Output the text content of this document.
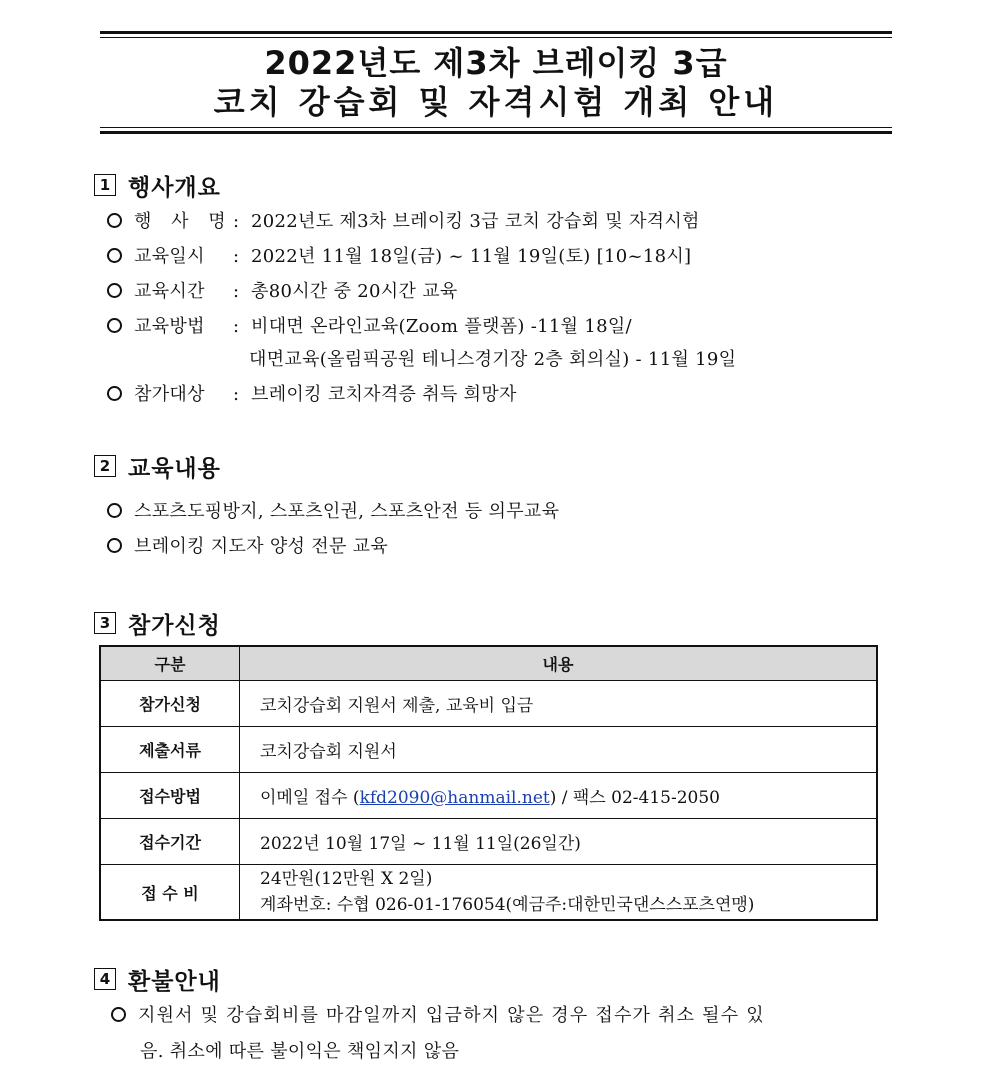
2022년도 제3차 브레이킹 3급
코치 강습회 및 자격시험 개최 안내
1 행사개요
행 사 명 : 2022년도 제3차 브레이킹 3급 코치 강습회 및 자격시험
교육일시 : 2022년 11월 18일(금) ~ 11월 19일(토) [10~18시]
교육시간 : 총80시간 중 20시간 교육
교육방법 : 비대면 온라인교육(Zoom 플랫폼) -11월 18일/
대면교육(올림픽공원 테니스경기장 2층 회의실) - 11월 19일
참가대상 : 브레이킹 코치자격증 취득 희망자
2 교육내용
스포츠도핑방지, 스포츠인권, 스포츠안전 등 의무교육
브레이킹 지도자 양성 전문 교육
3 참가신청
구분	내용
참가신청	코치강습회 지원서 제출, 교육비 입금
제출서류	코치강습회 지원서
접수방법	이메일 접수 (kfd2090@hanmail.net) / 팩스 02-415-2050
접수기간	2022년 10월 17일 ~ 11월 11일(26일간)
접 수 비	24만원(12만원 X 2일)
계좌번호: 수협 026-01-176054(예금주:대한민국댄스스포츠연맹)
4 환불안내
지원서 및 강습회비를 마감일까지 입금하지 않은 경우 접수가 취소 될수 있
음. 취소에 따른 불이익은 책임지지 않음
